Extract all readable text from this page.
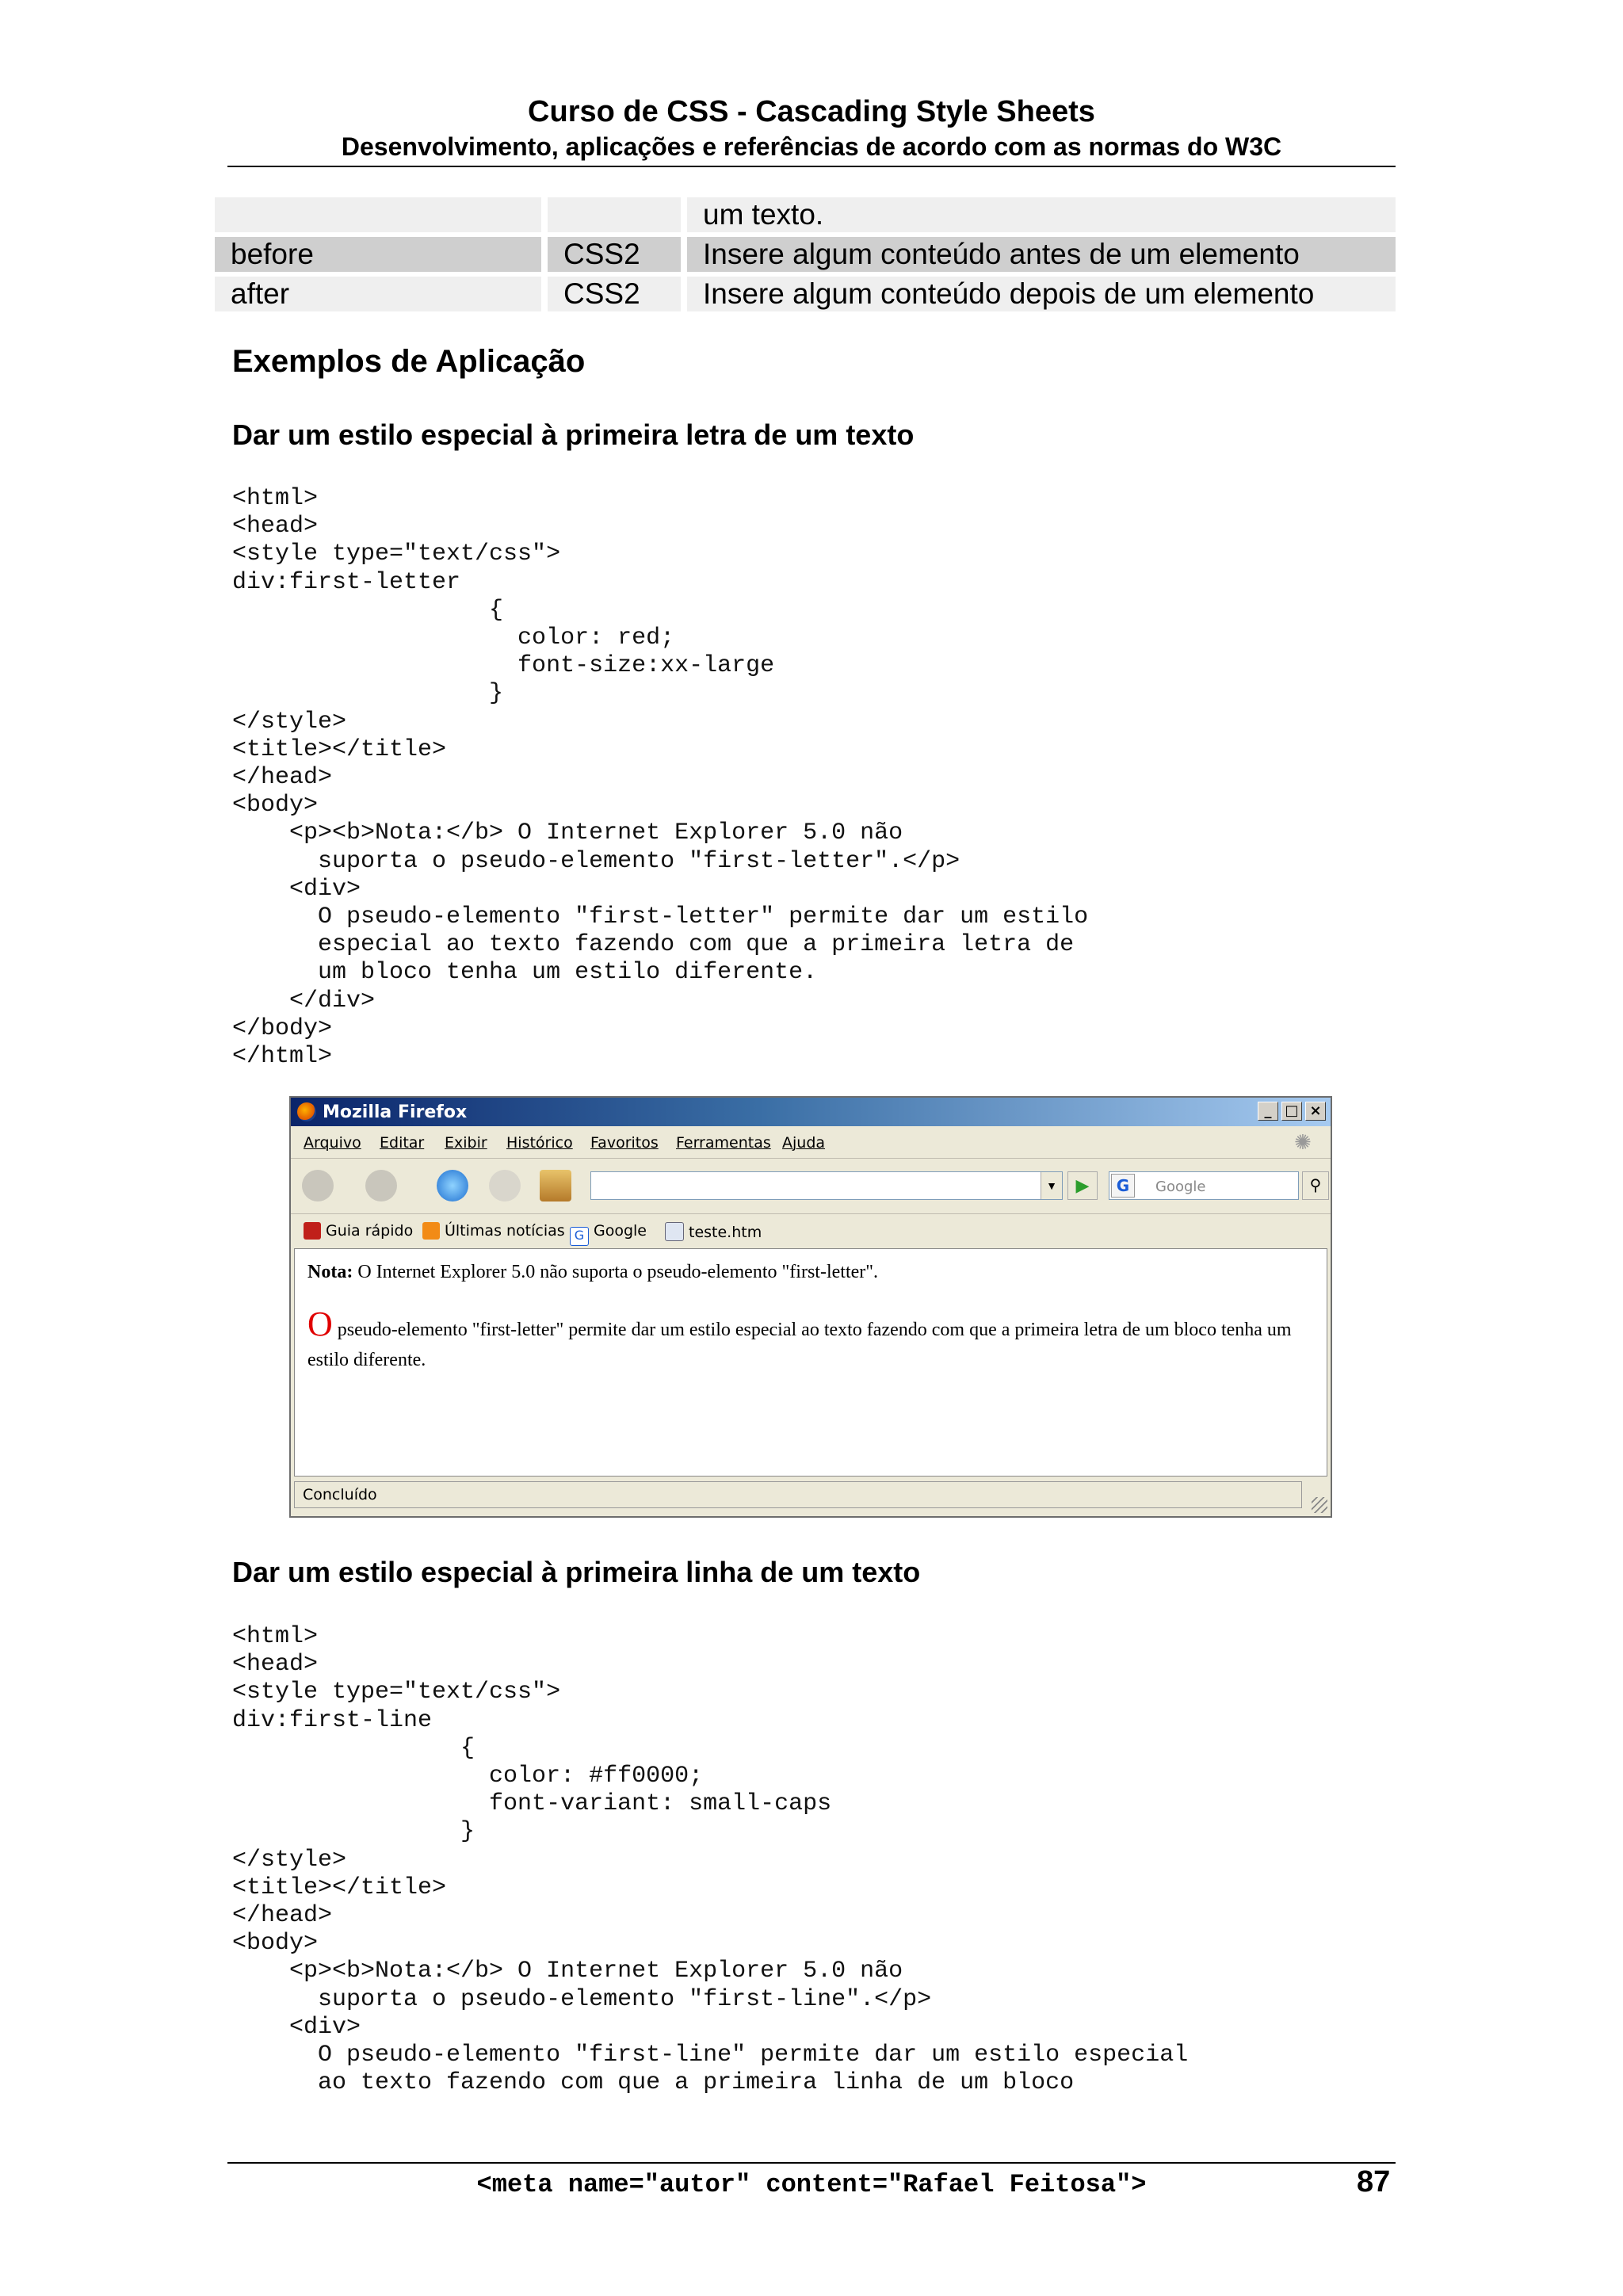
Curso de CSS - Cascading Style Sheets
Desenvolvimento, aplicações e referências de acordo com as normas do W3C
		um texto.
before	CSS2	Insere algum conteúdo antes de um elemento
after	CSS2	Insere algum conteúdo depois de um elemento
Exemplos de Aplicação
Dar um estilo especial à primeira letra de um texto
<html>
<head>
<style type="text/css">
div:first-letter
{
color: red;
font-size:xx-large
}
</style>
<title></title>
</head>
<body>
<p><b>Nota:</b> O Internet Explorer 5.0 não
suporta o pseudo-elemento "first-letter".</p>
<div>
O pseudo-elemento "first-letter" permite dar um estilo
especial ao texto fazendo com que a primeira letra de
um bloco tenha um estilo diferente.
</div>
</body>
</html>
Mozilla Firefox	_ □ ×
Arquivo Editar Exibir Histórico Favoritos Ferramentas Ajuda	✺
▼	▶	G	Google	⚲
Guia rápido	Últimas notícias G Google	teste.htm
Nota: O Internet Explorer 5.0 não suporta o pseudo-elemento "first-letter".
O pseudo-elemento "first-letter" permite dar um estilo especial ao texto fazendo com que a primeira letra de um bloco tenha um estilo diferente.
Concluído
Dar um estilo especial à primeira linha de um texto
<html>
<head>
<style type="text/css">
div:first-line
{
color: #ff0000;
font-variant: small-caps
}
</style>
<title></title>
</head>
<body>
<p><b>Nota:</b> O Internet Explorer 5.0 não
suporta o pseudo-elemento "first-line".</p>
<div>
O pseudo-elemento "first-line" permite dar um estilo especial
ao texto fazendo com que a primeira linha de um bloco
<meta name="autor" content="Rafael Feitosa">	87
